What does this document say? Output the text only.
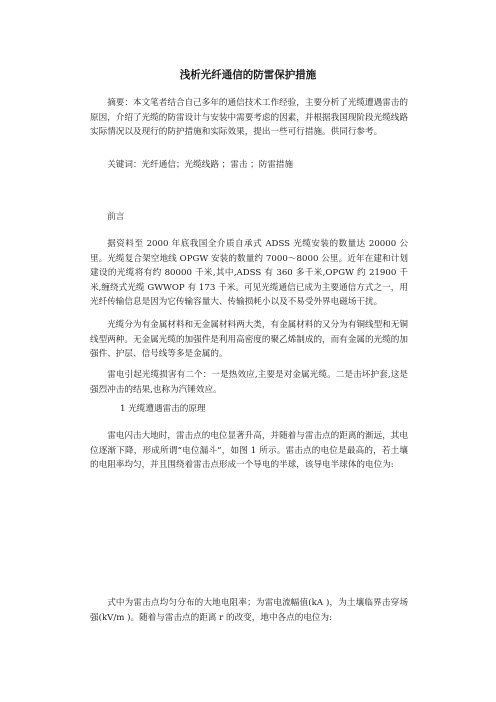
浅析光纤通信的防雷保护措施
摘要：本文笔者结合自己多年的通信技术工作经验，主要分析了光缆遭遇雷击的原因，介绍了光缆的防雷设计与安装中需要考虑的因素，并根据我国现阶段光缆线路实际情况以及现行的防护措施和实际效果，提出一些可行措施。供同行参考。
关键词：光纤通信；光缆线路 ；雷击 ；防雷措施
前言
据资料至 2000 年底我国全介质自承式 ADSS 光缆安装的数量达 20000 公里。光缆复合架空地线 OPGW 安装的数量约 7000～8000 公里。近年在建和计划建设的光缆将有约 80000 千米,其中,ADSS 有 360 多千米,OPGW 约 21900 千米,缠绕式光缆 GWWOP 有 173 千米。可见光缆通信已成为主要通信方式之一，用光纤传输信息是因为它传输容量大、传输损耗小以及不易受外界电磁场干扰。
光缆分为有金属材料和无金属材料两大类，有金属材料的又分为有铜线型和无铜线型两种。无金属光缆的加强件是利用高密度的聚乙烯制成的，而有金属的光缆的加强件、护层、信号线等多是金属的。
雷电引起光缆损害有二个：一是热效应,主要是对金属光缆。二是击坏护套,这是强烈冲击的结果,也称为汽锤效应。
1 光缆遭遇雷击的原理
雷电闪击大地时，雷击点的电位显著升高，并随着与雷击点的距离的渐远，其电位逐渐下降，形成所谓“电位漏斗”，如图 1 所示。雷击点的电位是最高的，若土壤的电阻率均匀，并且围绕着雷击点形成一个导电的半球，该导电半球体的电位为:
式中为雷击点均匀分布的大地电阻率；为雷电流幅值(kA )，为土壤临界击穿场强(kV/m )。随着与雷击点的距离 r 的改变，地中各点的电位为:
